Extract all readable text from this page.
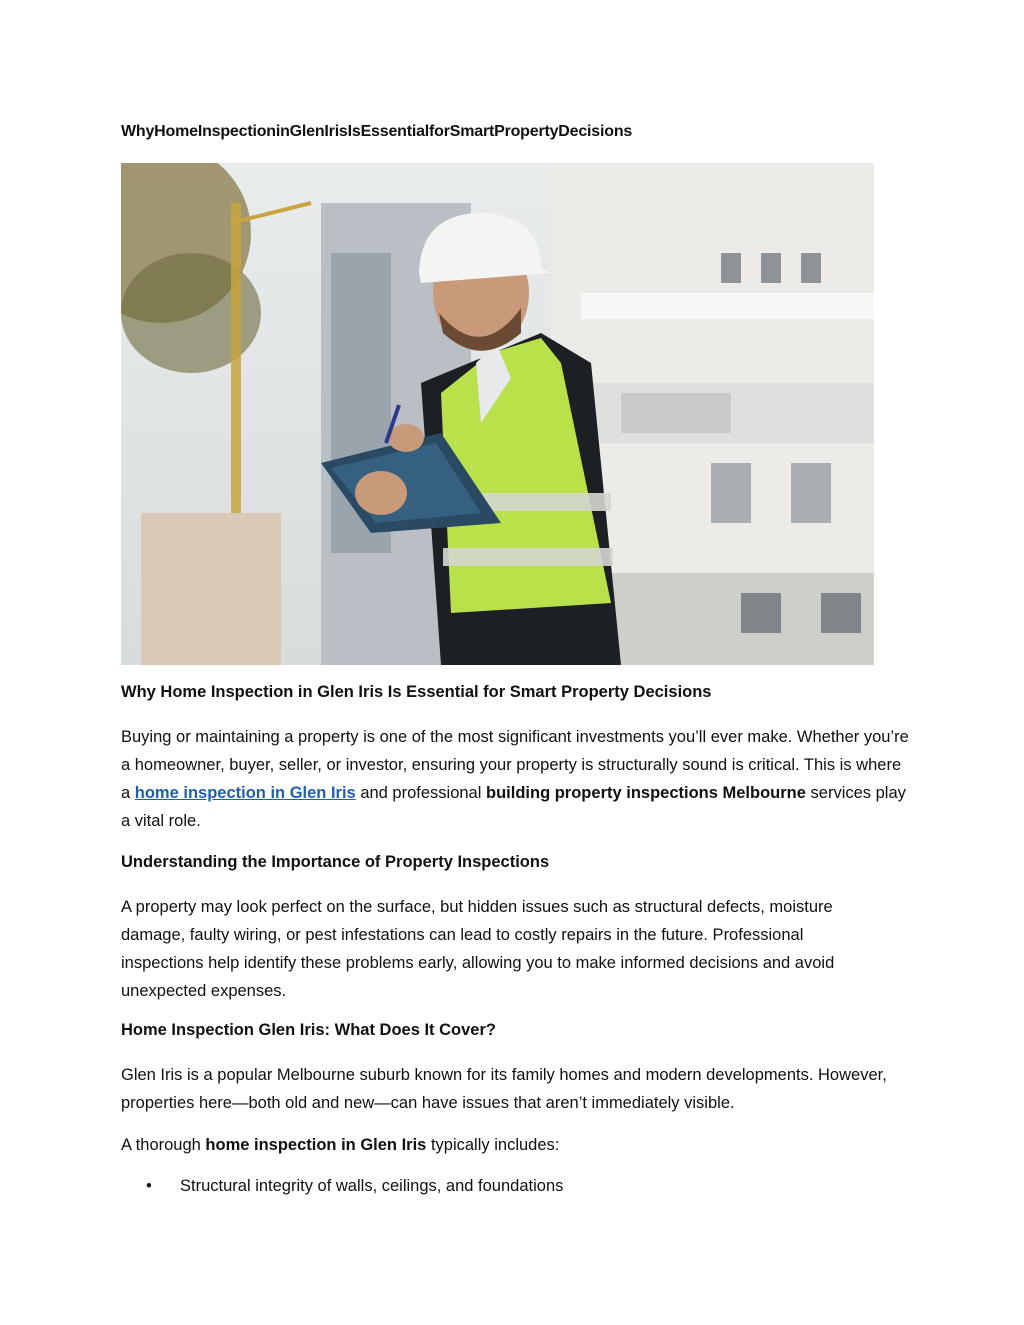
WhyHomeInspectioninGlenIrisIsEssentialforSmartPropertyDecisions
Why Home Inspection in Glen Iris Is Essential for Smart Property Decisions

Buying or maintaining a property is one of the most significant investments you’ll ever make. Whether you’re a homeowner, buyer, seller, or investor, ensuring your property is structurally sound is critical. This is where a home inspection in Glen Iris and professional building property inspections Melbourne services play a vital role.

Understanding the Importance of Property Inspections

A property may look perfect on the surface, but hidden issues such as structural defects, moisture damage, faulty wiring, or pest infestations can lead to costly repairs in the future. Professional inspections help identify these problems early, allowing you to make informed decisions and avoid unexpected expenses.

Home Inspection Glen Iris: What Does It Cover?

Glen Iris is a popular Melbourne suburb known for its family homes and modern developments. However, properties here—both old and new—can have issues that aren’t immediately visible.

A thorough home inspection in Glen Iris typically includes:

• Structural integrity of walls, ceilings, and foundations
